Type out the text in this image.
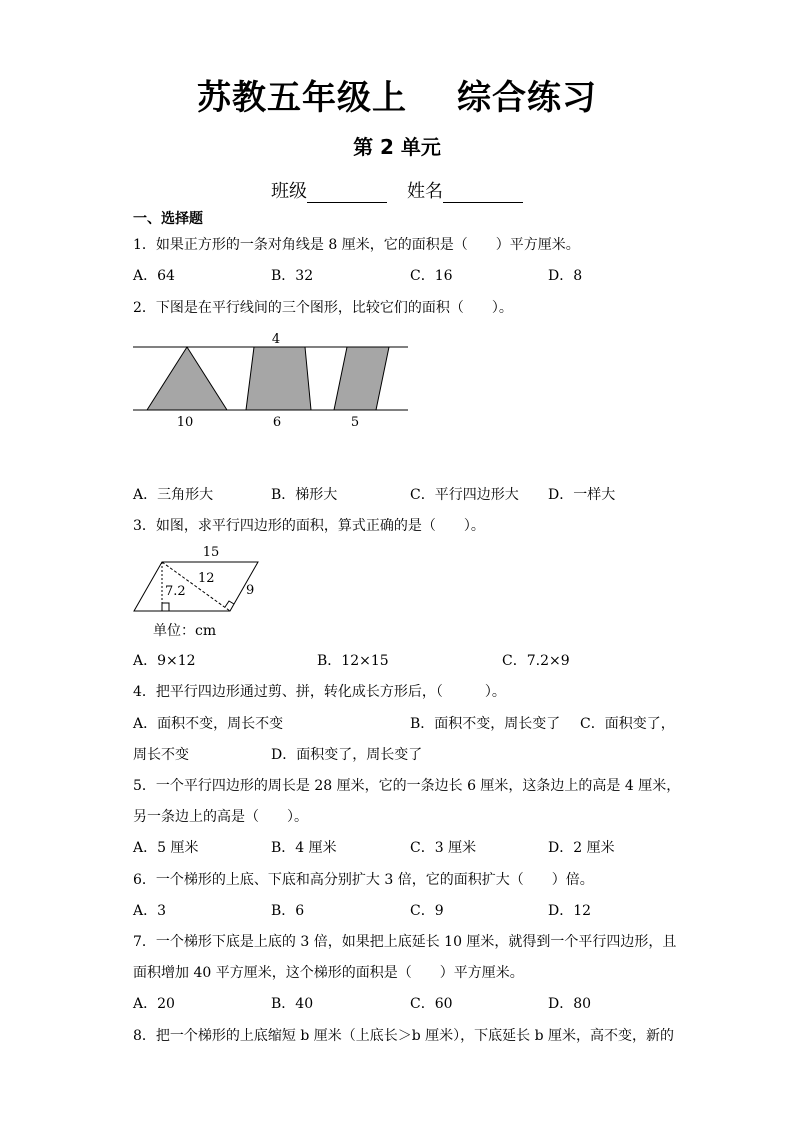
苏教五年级上 综合练习
第 2 单元
班级	姓名
一、选择题
1．如果正方形的一条对角线是 8 厘米，它的面积是（　　）平方厘米。
A．64	B．32	C．16	D．8
2．下图是在平行线间的三个图形，比较它们的面积（　　）。
4
10	6	5
A．三角形大	B．梯形大	C．平行四边形大 D．一样大
3．如图，求平行四边形的面积，算式正确的是（　　）。
15
7.2
12
9
单位：cm
A．9×12	B．12×15	C．7.2×9
4．把平行四边形通过剪、拼，转化成长方形后，（　　　）。
A．面积不变，周长不变	B．面积不变，周长变了 C．面积变了，
周长不变	D．面积变了，周长变了
5．一个平行四边形的周长是 28 厘米，它的一条边长 6 厘米，这条边上的高是 4 厘米，
另一条边上的高是（　　）。
A．5 厘米	B．4 厘米	C．3 厘米	D．2 厘米
6．一个梯形的上底、下底和高分别扩大 3 倍，它的面积扩大（　　）倍。
A．3	B．6	C．9	D．12
7．一个梯形下底是上底的 3 倍，如果把上底延长 10 厘米，就得到一个平行四边形，且
面积增加 40 平方厘米，这个梯形的面积是（　　）平方厘米。
A．20	B．40	C．60	D．80
8．把一个梯形的上底缩短 b 厘米（上底长＞b 厘米），下底延长 b 厘米，高不变，新的
